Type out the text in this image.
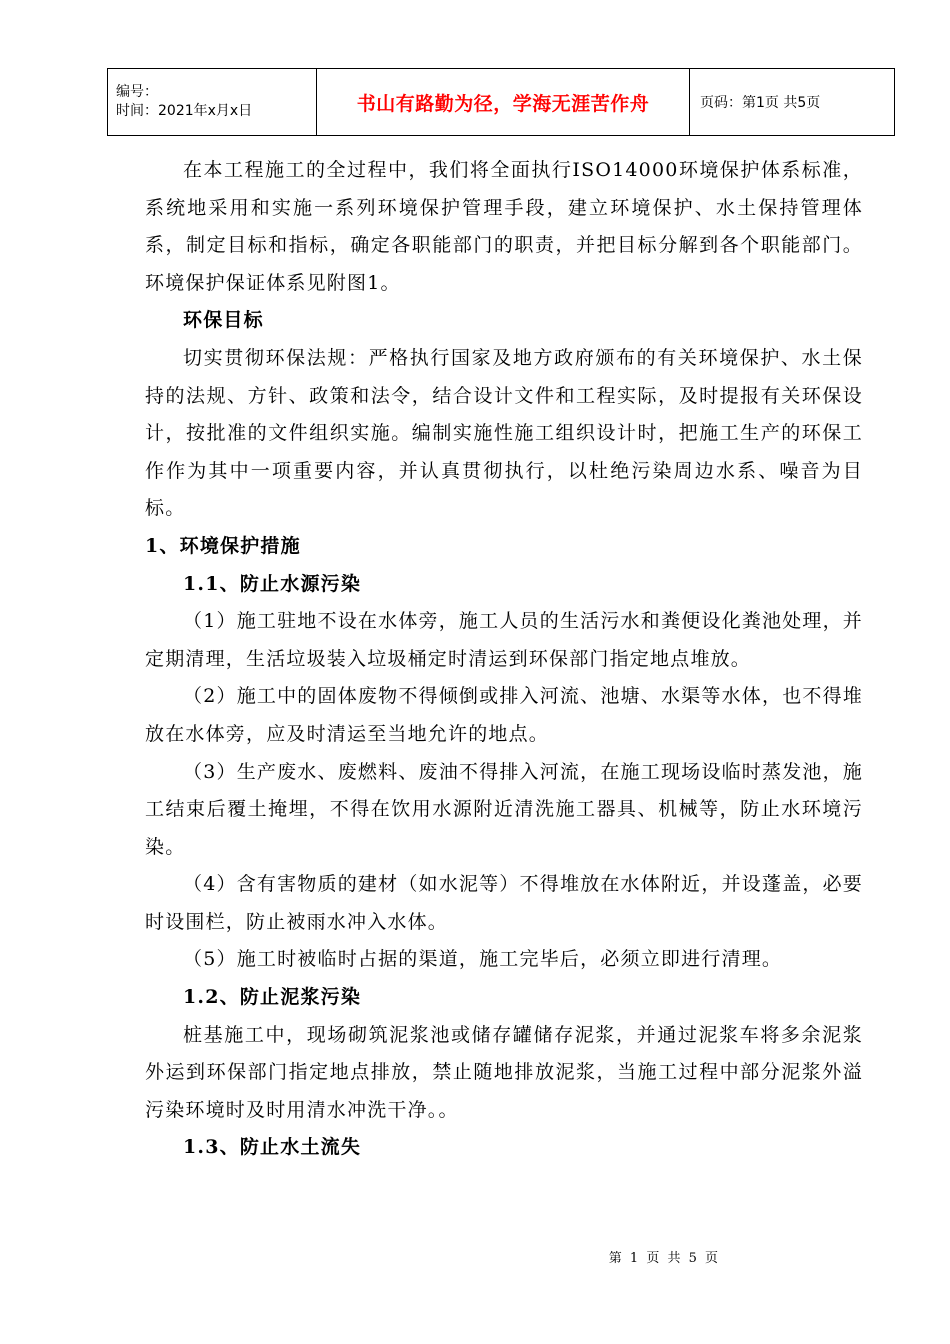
编号：
时间：2021年x月x日	书山有路勤为径，学海无涯苦作舟	页码：第1页 共5页

在本工程施工的全过程中，我们将全面执行ISO14000环境保护体系标准，系统地采用和实施一系列环境保护管理手段，建立环境保护、水土保持管理体系，制定目标和指标，确定各职能部门的职责，并把目标分解到各个职能部门。环境保护保证体系见附图1。

环保目标

切实贯彻环保法规：严格执行国家及地方政府颁布的有关环境保护、水土保持的法规、方针、政策和法令，结合设计文件和工程实际，及时提报有关环保设计，按批准的文件组织实施。编制实施性施工组织设计时，把施工生产的环保工作作为其中一项重要内容，并认真贯彻执行，以杜绝污染周边水系、噪音为目标。

1、环境保护措施

1.1、防止水源污染

（1）施工驻地不设在水体旁，施工人员的生活污水和粪便设化粪池处理，并定期清理，生活垃圾装入垃圾桶定时清运到环保部门指定地点堆放。

（2）施工中的固体废物不得倾倒或排入河流、池塘、水渠等水体，也不得堆放在水体旁，应及时清运至当地允许的地点。

（3）生产废水、废燃料、废油不得排入河流，在施工现场设临时蒸发池，施工结束后覆土掩埋，不得在饮用水源附近清洗施工器具、机械等，防止水环境污染。

（4）含有害物质的建材（如水泥等）不得堆放在水体附近，并设蓬盖，必要时设围栏，防止被雨水冲入水体。

（5）施工时被临时占据的渠道，施工完毕后，必须立即进行清理。

1.2、防止泥浆污染

桩基施工中，现场砌筑泥浆池或储存罐储存泥浆，并通过泥浆车将多余泥浆外运到环保部门指定地点排放，禁止随地排放泥浆，当施工过程中部分泥浆外溢污染环境时及时用清水冲洗干净。。

1.3、防止水土流失

第 1 页 共 5 页
